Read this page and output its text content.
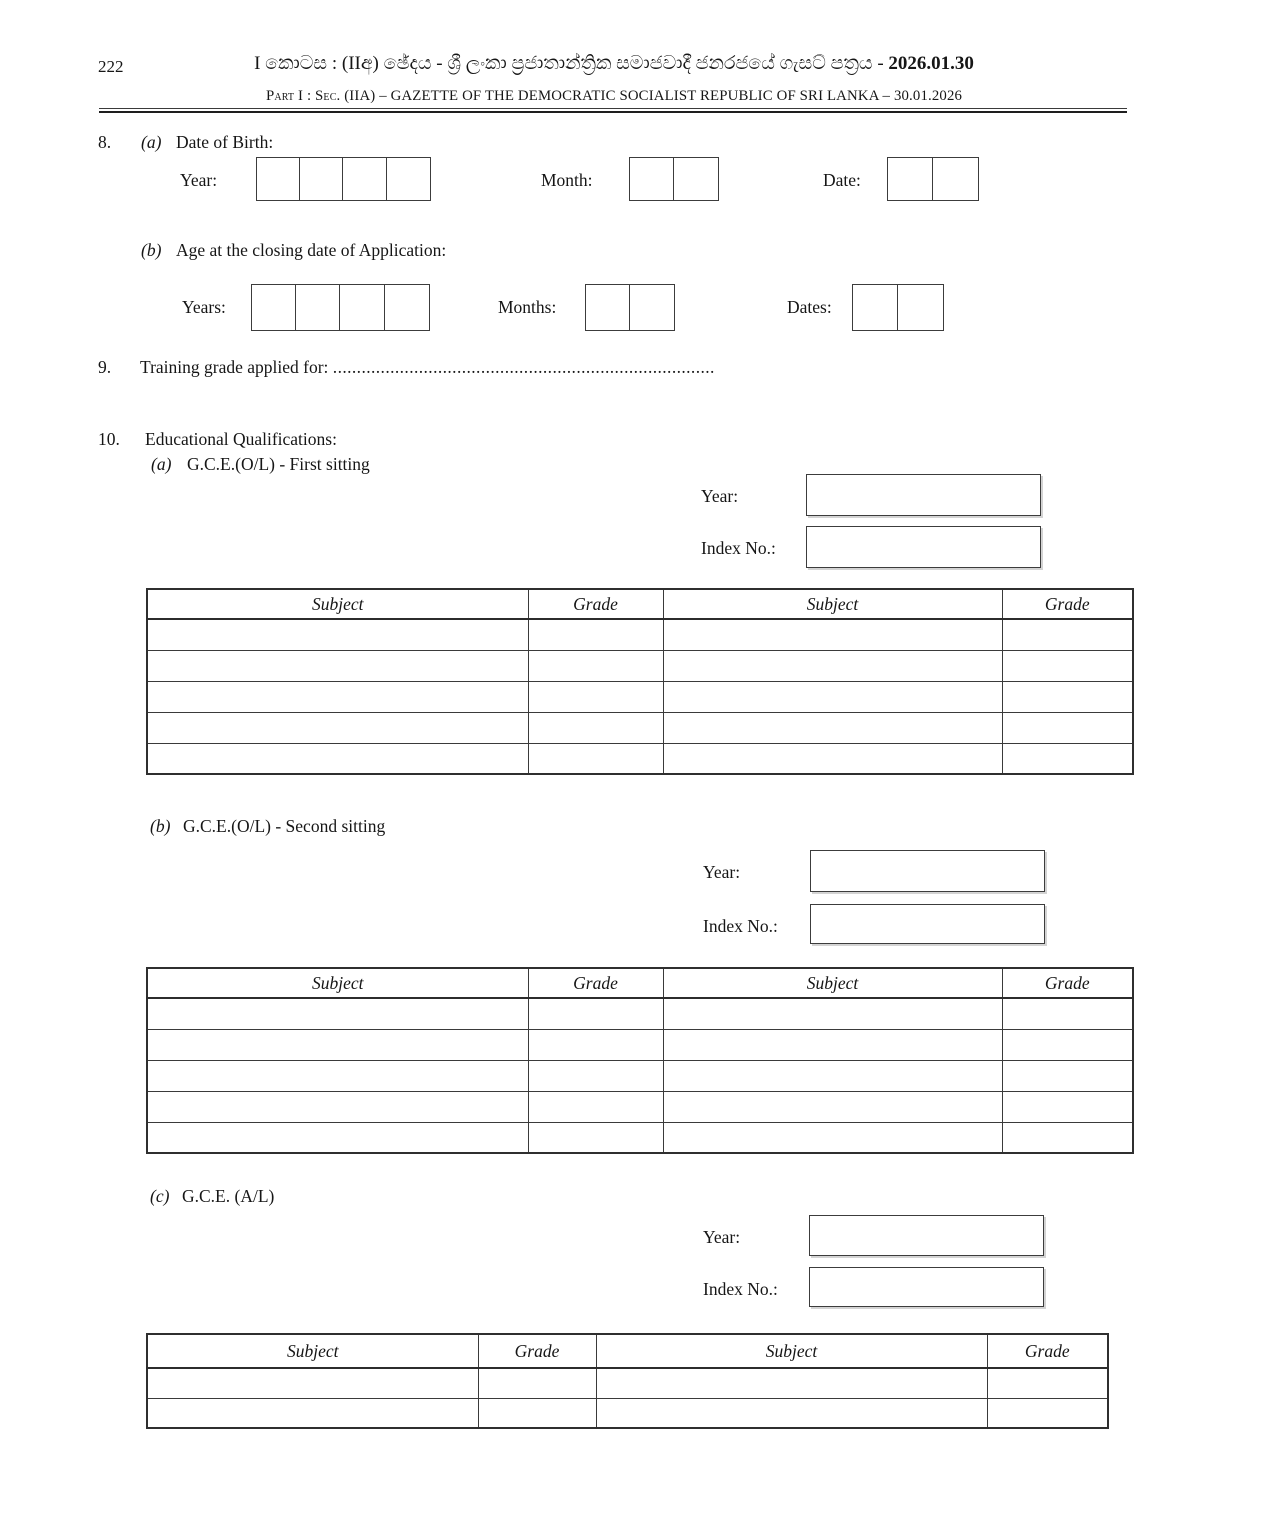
222	I කොටස : (IIඅ) ඡේදය - ශ්‍රී ලංකා ප්‍රජාතාන්ත්‍රික සමාජවාදී ජනරජයේ ගැසට් පත්‍රය - 2026.01.30
Part I : Sec. (IIA) – GAZETTE OF THE DEMOCRATIC SOCIALIST REPUBLIC OF SRI LANKA – 30.01.2026
8. (a) Date of Birth:
Year:	Month:	Date:
(b) Age at the closing date of Application:
Years:	Months:	Dates:
9. Training grade applied for: ................................................................................
10. Educational Qualifications:
(a) G.C.E.(O/L) - First sitting
Year:
Index No.:
Subject	Grade	Subject	Grade

(b) G.C.E.(O/L) - Second sitting
Year:
Index No.:
Subject	Grade	Subject	Grade

(c) G.C.E. (A/L)
Year:
Index No.:
Subject	Grade	Subject	Grade
